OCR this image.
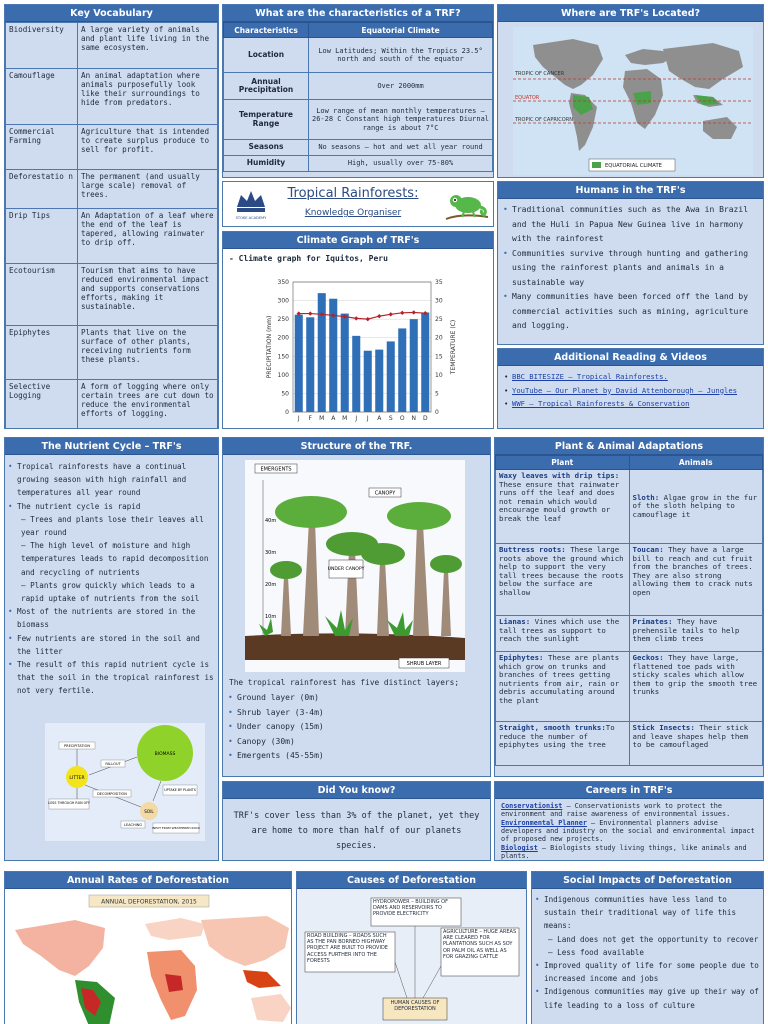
Key Vocabulary
Biodiversity	A large variety of animals and plant life living in the same ecosystem.
Camouflage	An animal adaptation where animals purposefully look like their surroundings to hide from predators.
Commercial Farming	Agriculture that is intended to create surplus produce to sell for profit.
Deforestatio n	The permanent (and usually large scale) removal of trees.
Drip Tips	An Adaptation of a leaf where the end of the leaf is tapered, allowing rainwater to drip off.
Ecotourism	Tourism that aims to have reduced environmental impact and supports conservations efforts, making it sustainable.
Epiphytes	Plants that live on the surface of other plants, receiving nutrients form these plants.
Selective Logging	A form of logging where only certain trees are cut down to reduce the environmental efforts of logging.
What are the characteristics of a TRF?
Characteristics	Equatorial Climate
Location	Low Latitudes; Within the Tropics 23.5° north and south of the equator
Annual Precipitation	Over 2000mm
Temperature Range	Low range of mean monthly temperatures – 26-28 C Constant high temperatures Diurnal range is about 7°C
Seasons	No seasons – hot and wet all year round
Humidity	High, usually over 75-80%
STOKE ACADEMY
Tropical Rainforests:
Knowledge Organiser
Climate Graph of TRF's
- Climate graph for Iquitos, Peru
0
50
100
150
200
250
300
350
0
5
10
15
20
25
30
35
J F M A M J J A S O N D
PRECIPITATION (mm)	TEMPERATURE (C)
Where are TRF's Located?
TROPIC OF CANCER
EQUATOR
TROPIC OF CAPRICORN
EQUATORIAL CLIMATE
Humans in the TRF's
• Traditional communities such as the Awa in Brazil and the Huli in Papua New Guinea live in harmony with the rainforest
• Communities survive through hunting and gathering using the rainforest plants and animals in a sustainable way
• Many communities have been forced off the land by commercial activities such as mining, agriculture and logging.
Additional Reading & Videos
• BBC BITESIZE – Tropical Rainforests.
• YouTube – Our Planet by David Attenborough – Jungles
• WWF – Tropical Rainforests & Conservation
The Nutrient Cycle – TRF's
• Tropical rainforests have a continual growing season with high rainfall and temperatures all year round
• The nutrient cycle is rapid
– Trees and plants lose their leaves all year round
– The high level of moisture and high temperatures leads to rapid decomposition and recycling of nutrients
– Plants grow quickly which leads to a rapid uptake of nutrients from the soil
• Most of the nutrients are stored in the biomass
• Few nutrients are stored in the soil and the litter
• The result of this rapid nutrient cycle is that the soil in the tropical rainforest is not very fertile.
BIOMASS
LITTER
SOIL
PRECIPITATION
FALLOUT
LOSS THROUGH RUN OFF
DECOMPOSITION
UPTAKE BY PLANTS
LEACHING
INPUT FROM WEATHERED ROCK
Structure of the TRF.
40m
30m
20m
10m
EMERGENTS
CANOPY
UNDER CANOPY
SHRUB LAYER
The tropical rainforest has five distinct layers;
• Ground layer (0m)
• Shrub layer (3-4m)
• Under canopy (15m)
• Canopy (30m)
• Emergents (45-55m)
Plant & Animal Adaptations
Plant	Animals
Waxy leaves with drip tips: These ensure that rainwater runs off the leaf and does not remain which would encourage mould growth or break the leaf	Sloth: Algae grow in the fur of the sloth helping to camouflage it
Buttress roots: These large roots above the ground which help to support the very tall trees because the roots below the surface are shallow	Toucan: They have a large bill to reach and cut fruit from the branches of trees. They are also strong allowing them to crack nuts open
Lianas: Vines which use the tall trees as support to reach the sunlight	Primates: They have prehensile tails to help them climb trees
Epiphytes: These are plants which grow on trunks and branches of trees getting nutrients from air, rain or debris accumulating around the plant	Geckos: They have large, flattened toe pads with sticky scales which allow them to grip the smooth tree trunks
Straight, smooth trunks:To reduce the number of epiphytes using the tree	Stick Insects: Their stick and leave shapes help them to be camouflaged
Did You know?
TRF's cover less than 3% of the planet, yet they are home to more than half of our planets species.
Careers in TRF's

Conservationist – Conservationists work to protect the environment and raise awareness of environmental issues.

Environmental Planner – Environmental planners advise developers and industry on the social and environmental impact of proposed new projects.

Biologist – Biologists study living things, like animals and plants.

Annual Rates of Deforestation
ANNUAL DEFORESTATION, 2015
Causes of Deforestation
HYDROPOWER – BUILDING OF DAMS AND RESERVOIRS TO PROVIDE ELECTRICITY
ROAD BUILDING – ROADS SUCH AS THE PAN BORNEO HIGHWAY PROJECT ARE BUILT TO PROVIDE ACCESS FURTHER INTO THE FORESTS
AGRICULTURE – HUGE AREAS ARE CLEARED FOR PLANTATIONS SUCH AS SOY OR PALM OIL AS WELL AS FOR GRAZING CATTLE
HUMAN CAUSES OF DEFORESTATION
Social Impacts of Deforestation
• Indigenous communities have less land to sustain their traditional way of life this means:
– Land does not get the opportunity to recover
– Less food available
• Improved quality of life for some people due to increased income and jobs
• Indigenous communities may give up their way of life leading to a loss of culture
